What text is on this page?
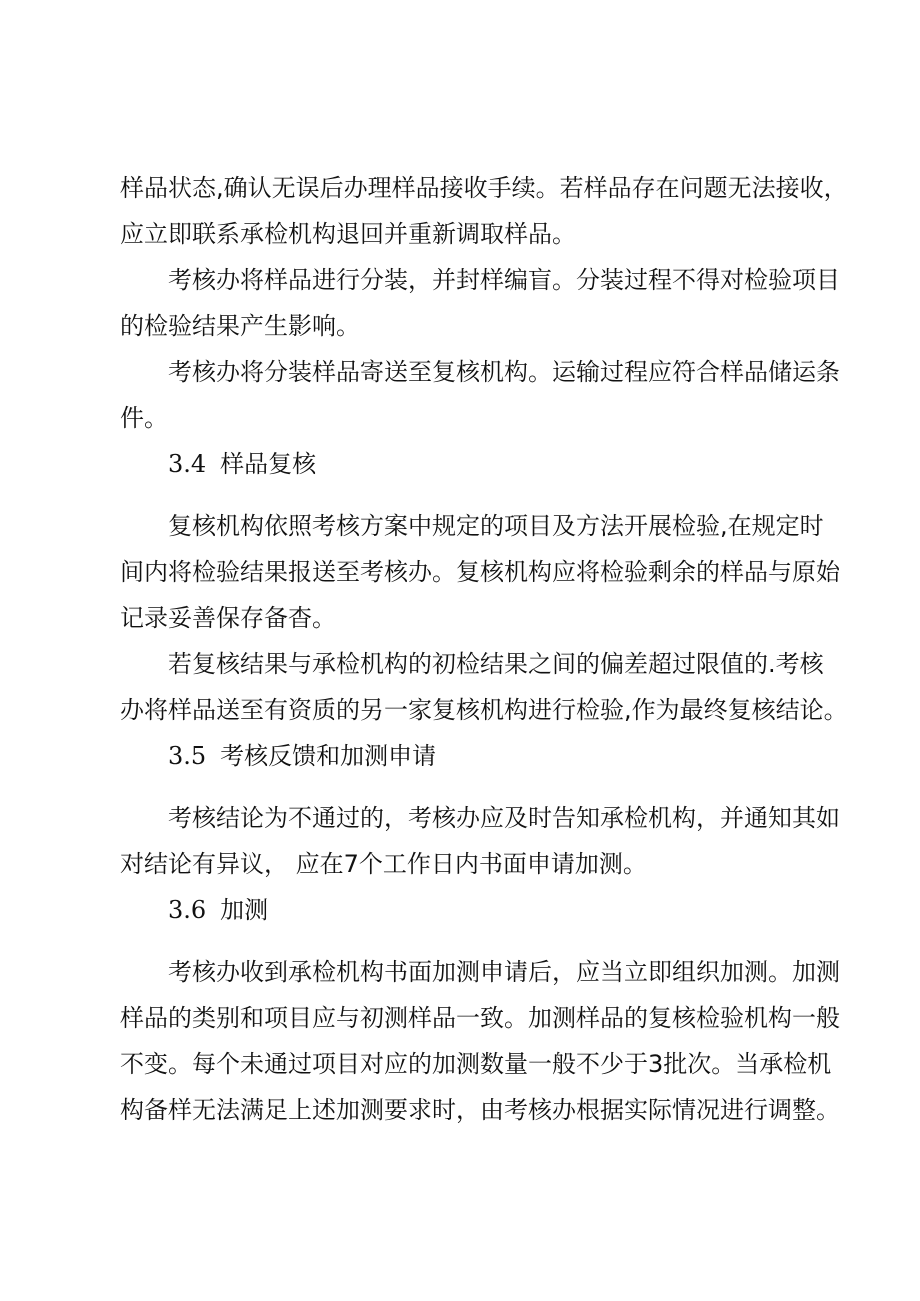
样品状态,确认无误后办理样品接收手续。若样品存在问题无法接收，
应立即联系承检机构退回并重新调取样品。
考核办将样品进行分装，并封样编盲。分装过程不得对检验项目
的检验结果产生影响。
考核办将分装样品寄送至复核机构。运输过程应符合样品储运条
件。
3.4 样品复核
复核机构依照考核方案中规定的项目及方法开展检验,在规定时
间内将检验结果报送至考核办。复核机构应将检验剩余的样品与原始
记录妥善保存备杳。
若复核结果与承检机构的初检结果之间的偏差超过限值的.考核
办将样品送至有资质的另一家复核机构进行检验,作为最终复核结论。
3.5 考核反馈和加测申请
考核结论为不通过的，考核办应及时告知承检机构，并通知其如
对结论有异议， 应在7个工作日内书面申请加测。
3.6 加测
考核办收到承检机构书面加测申请后，应当立即组织加测。加测
样品的类别和项目应与初测样品一致。加测样品的复核检验机构一般
不变。每个未通过项目对应的加测数量一般不少于3批次。当承检机
构备样无法满足上述加测要求时，由考核办根据实际情况进行调整。
